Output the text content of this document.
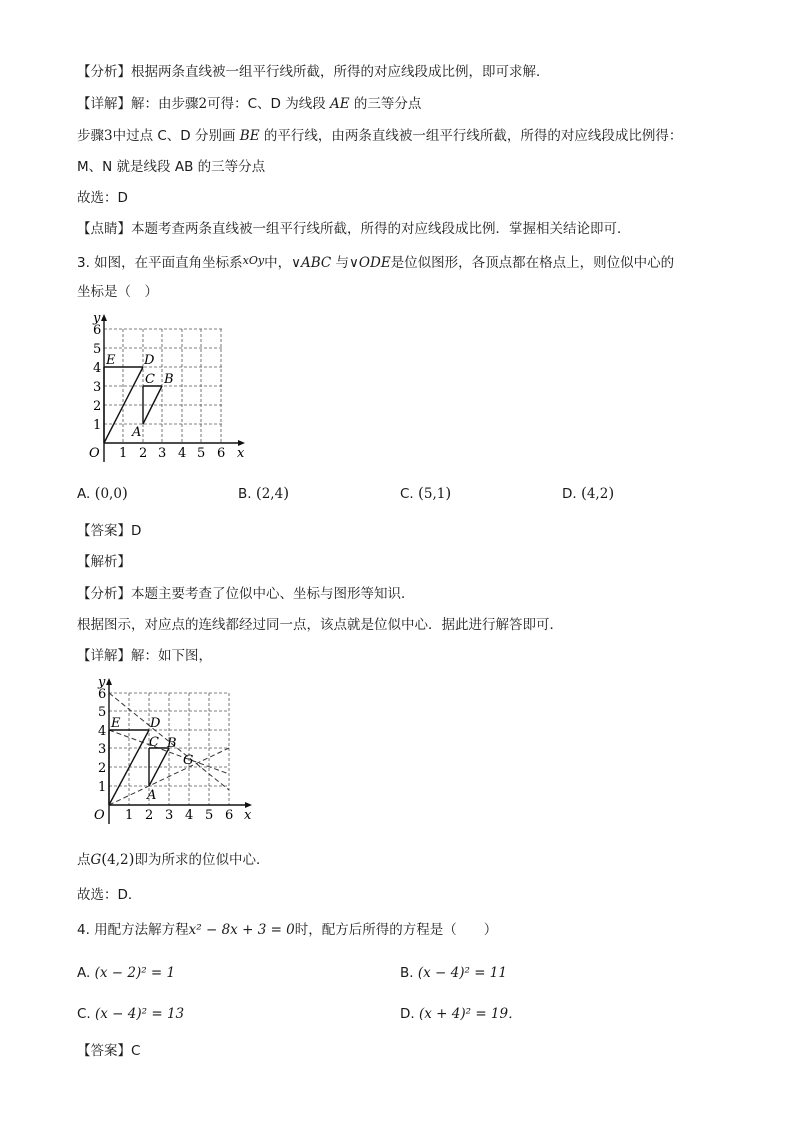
【分析】根据两条直线被一组平行线所截，所得的对应线段成比例，即可求解．
【详解】解：由步骤2可得：C、D 为线段 AE 的三等分点
步骤3中过点 C、D 分别画 BE 的平行线，由两条直线被一组平行线所截，所得的对应线段成比例得：
M、N 就是线段 AB 的三等分点
故选：D
【点睛】本题考查两条直线被一组平行线所截，所得的对应线段成比例．掌握相关结论即可．
3. 如图，在平面直角坐标系$^{xOy}$中，∨ABC 与∨ODE是位似图形，各顶点都在格点上，则位似中心的
坐标是（　）
y
x
O
1
2
3
4
5
6
1 2 3 4 5 6
E D
C B
A
A. (0,0)	B. (2,4)	C. (5,1)	D. (4,2)
【答案】D
【解析】
【分析】本题主要考查了位似中心、坐标与图形等知识．
根据图示，对应点的连线都经过同一点，该点就是位似中心．据此进行解答即可．
【详解】解：如下图，
y
x
O
1
2
3
4
5
6
1 2 3 4 5 6
E D
C B
A
G
点G(4,2)即为所求的位似中心．
故选：D．
4. 用配方法解方程x² − 8x + 3 = 0时，配方后所得的方程是（　　）
A. (x − 2)² = 1	B. (x − 4)² = 11
C. (x − 4)² = 13	D. (x + 4)² = 19．
【答案】C
